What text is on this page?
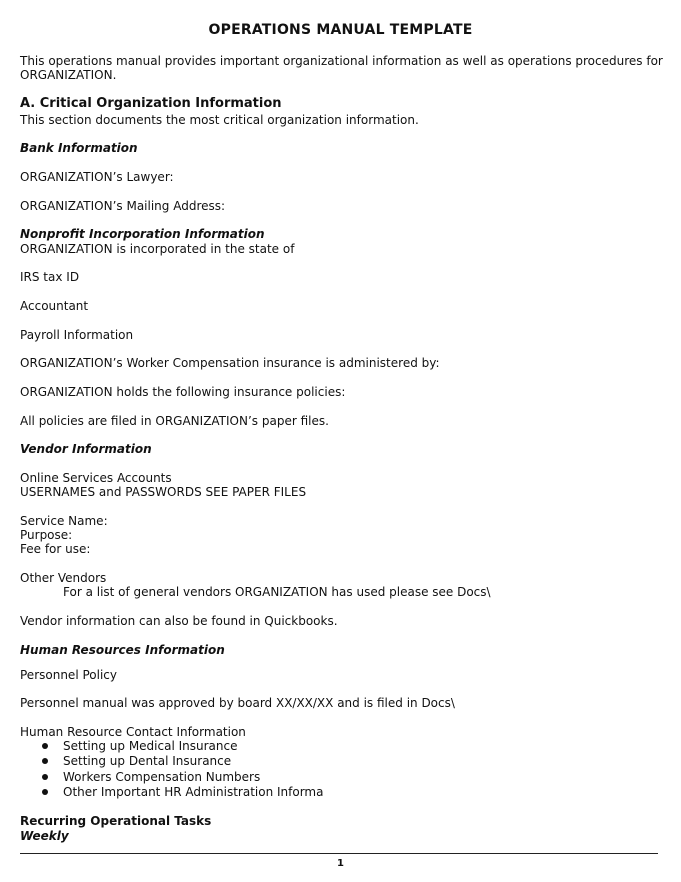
OPERATIONS MANUAL TEMPLATE

This operations manual provides important organizational information as well as operations procedures for

ORGANIZATION.

A. Critical Organization Information

This section documents the most critical organization information.

Bank Information

ORGANIZATION’s Lawyer:

ORGANIZATION’s Mailing Address:

Nonprofit Incorporation Information

ORGANIZATION is incorporated in the state of

IRS tax ID

Accountant

Payroll Information

ORGANIZATION’s Worker Compensation insurance is administered by:

ORGANIZATION holds the following insurance policies:

All policies are filed in ORGANIZATION’s paper files.

Vendor Information

Online Services Accounts

USERNAMES and PASSWORDS SEE PAPER FILES

Service Name:

Purpose:

Fee for use:

Other Vendors

For a list of general vendors ORGANIZATION has used please see Docs\

Vendor information can also be found in Quickbooks.

Human Resources Information

Personnel Policy

Personnel manual was approved by board XX/XX/XX and is filed in Docs\

Human Resource Contact Information

Setting up Medical Insurance
Setting up Dental Insurance
Workers Compensation Numbers
Other Important HR Administration Informa

Recurring Operational Tasks

Weekly

1
